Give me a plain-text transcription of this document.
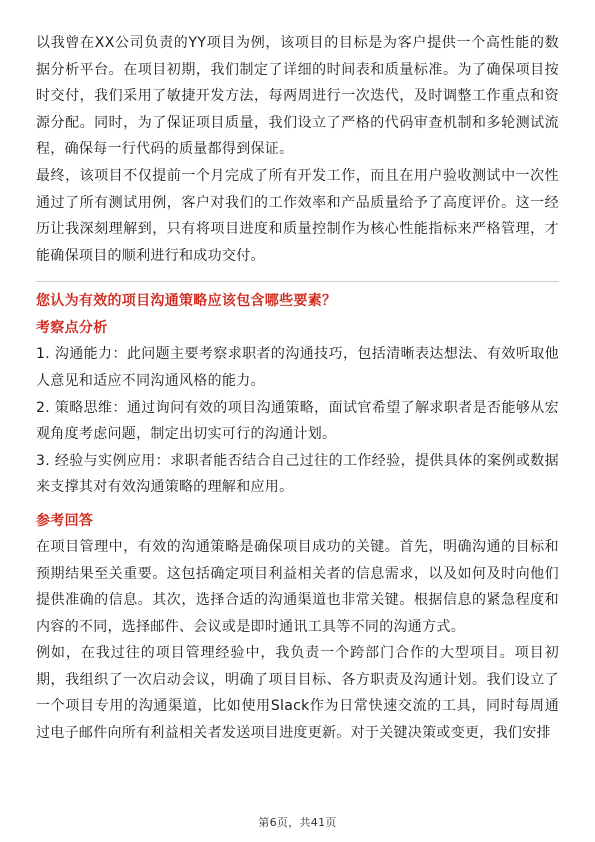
以我曾在XX公司负责的YY项目为例，该项目的目标是为客户提供一个高性能的数据分析平台。在项目初期，我们制定了详细的时间表和质量标准。为了确保项目按时交付，我们采用了敏捷开发方法，每两周进行一次迭代，及时调整工作重点和资源分配。同时，为了保证项目质量，我们设立了严格的代码审查机制和多轮测试流程，确保每一行代码的质量都得到保证。

最终，该项目不仅提前一个月完成了所有开发工作，而且在用户验收测试中一次性通过了所有测试用例，客户对我们的工作效率和产品质量给予了高度评价。这一经历让我深刻理解到，只有将项目进度和质量控制作为核心性能指标来严格管理，才能确保项目的顺利进行和成功交付。

您认为有效的项目沟通策略应该包含哪些要素？
考察点分析

1. 沟通能力：此问题主要考察求职者的沟通技巧，包括清晰表达想法、有效听取他人意见和适应不同沟通风格的能力。

2. 策略思维：通过询问有效的项目沟通策略，面试官希望了解求职者是否能够从宏观角度考虑问题，制定出切实可行的沟通计划。

3. 经验与实例应用：求职者能否结合自己过往的工作经验，提供具体的案例或数据来支撑其对有效沟通策略的理解和应用。

参考回答

在项目管理中，有效的沟通策略是确保项目成功的关键。首先，明确沟通的目标和预期结果至关重要。这包括确定项目利益相关者的信息需求，以及如何及时向他们提供准确的信息。其次，选择合适的沟通渠道也非常关键。根据信息的紧急程度和内容的不同，选择邮件、会议或是即时通讯工具等不同的沟通方式。

例如，在我过往的项目管理经验中，我负责一个跨部门合作的大型项目。项目初期，我组织了一次启动会议，明确了项目目标、各方职责及沟通计划。我们设立了一个项目专用的沟通渠道，比如使用Slack作为日常快速交流的工具，同时每周通过电子邮件向所有利益相关者发送项目进度更新。对于关键决策或变更，我们安排

第6页，共41页
